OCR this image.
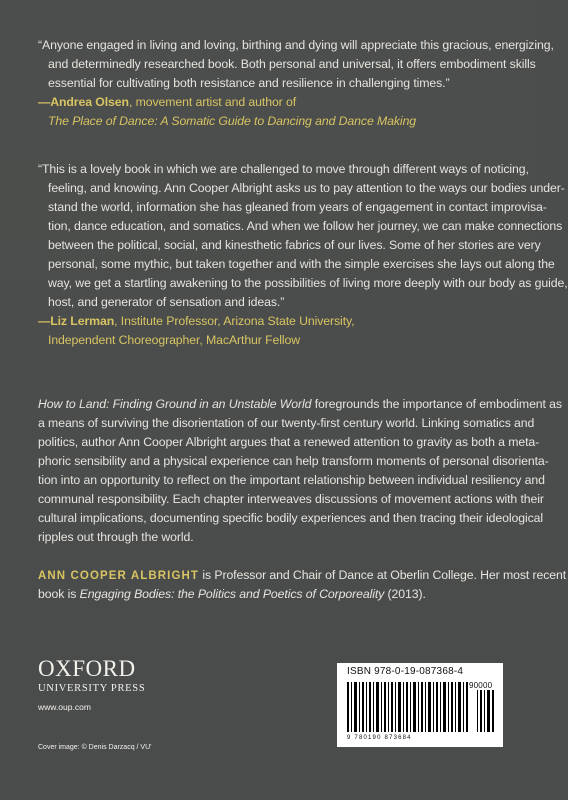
“Anyone engaged in living and loving, birthing and dying will appreciate this gracious, energizing,
and determinedly researched book. Both personal and universal, it offers embodiment skills
essential for cultivating both resistance and resilience in challenging times.”
—Andrea Olsen, movement artist and author of
The Place of Dance: A Somatic Guide to Dancing and Dance Making
“This is a lovely book in which we are challenged to move through different ways of noticing,
feeling, and knowing. Ann Cooper Albright asks us to pay attention to the ways our bodies under-
stand the world, information she has gleaned from years of engagement in contact improvisa-
tion, dance education, and somatics. And when we follow her journey, we can make connections
between the political, social, and kinesthetic fabrics of our lives. Some of her stories are very
personal, some mythic, but taken together and with the simple exercises she lays out along the
way, we get a startling awakening to the possibilities of living more deeply with our body as guide,
host, and generator of sensation and ideas.”
—Liz Lerman, Institute Professor, Arizona State University,
Independent Choreographer, MacArthur Fellow
How to Land: Finding Ground in an Unstable World foregrounds the importance of embodiment as
a means of surviving the disorientation of our twenty-first century world. Linking somatics and
politics, author Ann Cooper Albright argues that a renewed attention to gravity as both a meta-
phoric sensibility and a physical experience can help transform moments of personal disorienta-
tion into an opportunity to reflect on the important relationship between individual resiliency and
communal responsibility. Each chapter interweaves discussions of movement actions with their
cultural implications, documenting specific bodily experiences and then tracing their ideological
ripples out through the world.
ANN COOPER ALBRIGHT is Professor and Chair of Dance at Oberlin College. Her most recent
book is Engaging Bodies: the Politics and Poetics of Corporeality (2013).
OXFORD
UNIVERSITY PRESS
www.oup.com
Cover image: © Denis Darzacq / VU'
ISBN 978-0-19-087368-4
90000
9 780190 873684
